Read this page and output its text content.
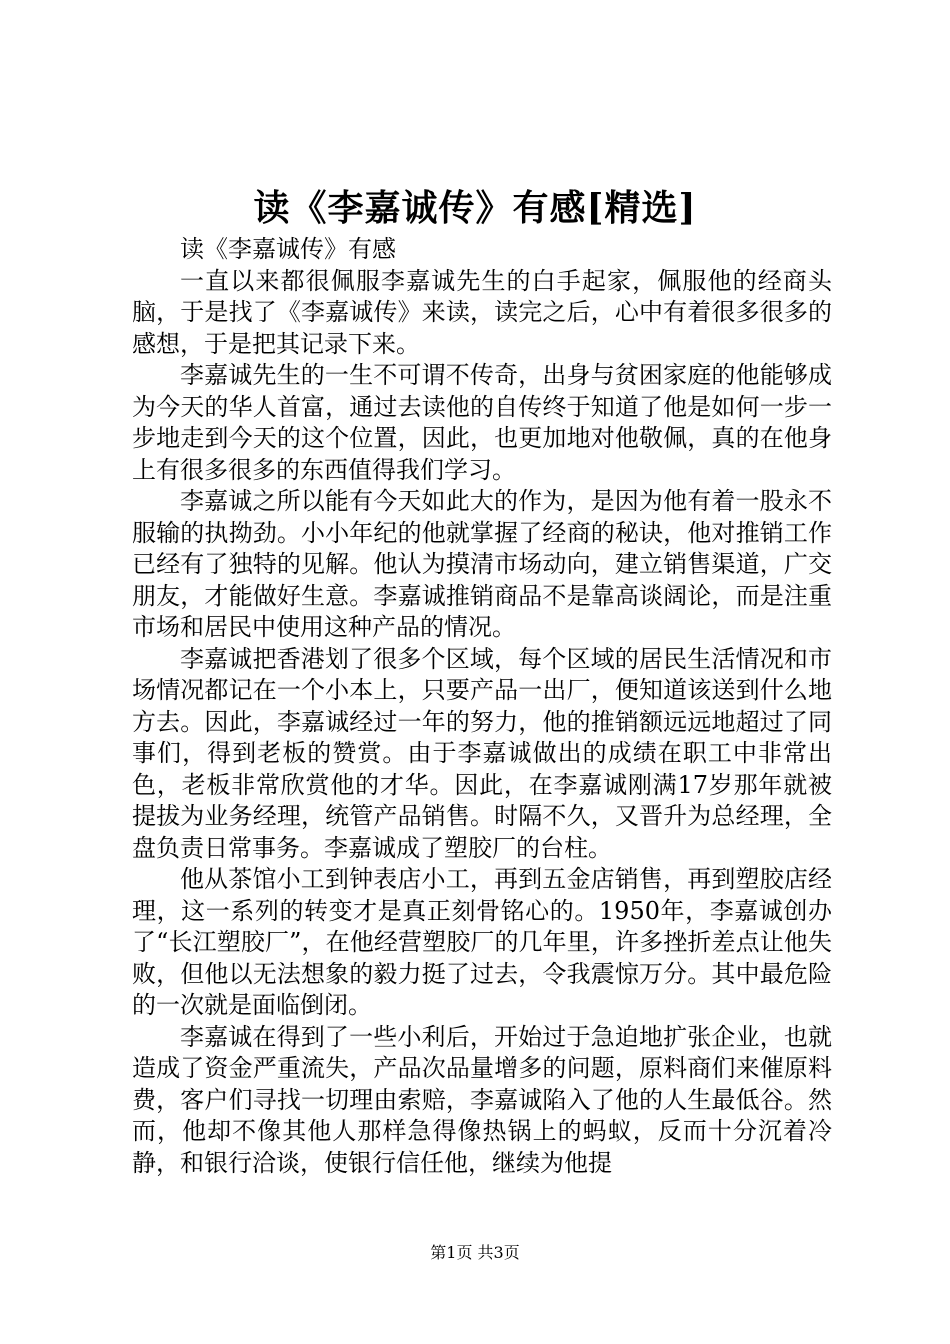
读《李嘉诚传》有感[精选]

读《李嘉诚传》有感

一直以来都很佩服李嘉诚先生的白手起家，佩服他的经商头脑，于是找了《李嘉诚传》来读，读完之后，心中有着很多很多的感想，于是把其记录下来。

李嘉诚先生的一生不可谓不传奇，出身与贫困家庭的他能够成为今天的华人首富，通过去读他的自传终于知道了他是如何一步一步地走到今天的这个位置，因此，也更加地对他敬佩，真的在他身上有很多很多的东西值得我们学习。

李嘉诚之所以能有今天如此大的作为，是因为他有着一股永不服输的执拗劲。小小年纪的他就掌握了经商的秘诀，他对推销工作已经有了独特的见解。他认为摸清市场动向，建立销售渠道，广交朋友，才能做好生意。李嘉诚推销商品不是靠高谈阔论，而是注重市场和居民中使用这种产品的情况。

李嘉诚把香港划了很多个区域，每个区域的居民生活情况和市场情况都记在一个小本上，只要产品一出厂，便知道该送到什么地方去。因此，李嘉诚经过一年的努力，他的推销额远远地超过了同事们，得到老板的赞赏。由于李嘉诚做出的成绩在职工中非常出色，老板非常欣赏他的才华。因此，在李嘉诚刚满17岁那年就被提拔为业务经理，统管产品销售。时隔不久，又晋升为总经理，全盘负责日常事务。李嘉诚成了塑胶厂的台柱。

他从茶馆小工到钟表店小工，再到五金店销售，再到塑胶店经理，这一系列的转变才是真正刻骨铭心的。1950年，李嘉诚创办了“长江塑胶厂”，在他经营塑胶厂的几年里，许多挫折差点让他失败，但他以无法想象的毅力挺了过去，令我震惊万分。其中最危险的一次就是面临倒闭。

李嘉诚在得到了一些小利后，开始过于急迫地扩张企业，也就造成了资金严重流失，产品次品量增多的问题，原料商们来催原料费，客户们寻找一切理由索赔，李嘉诚陷入了他的人生最低谷。然而，他却不像其他人那样急得像热锅上的蚂蚁，反而十分沉着冷静，和银行洽谈，使银行信任他，继续为他提

第1页 共3页
